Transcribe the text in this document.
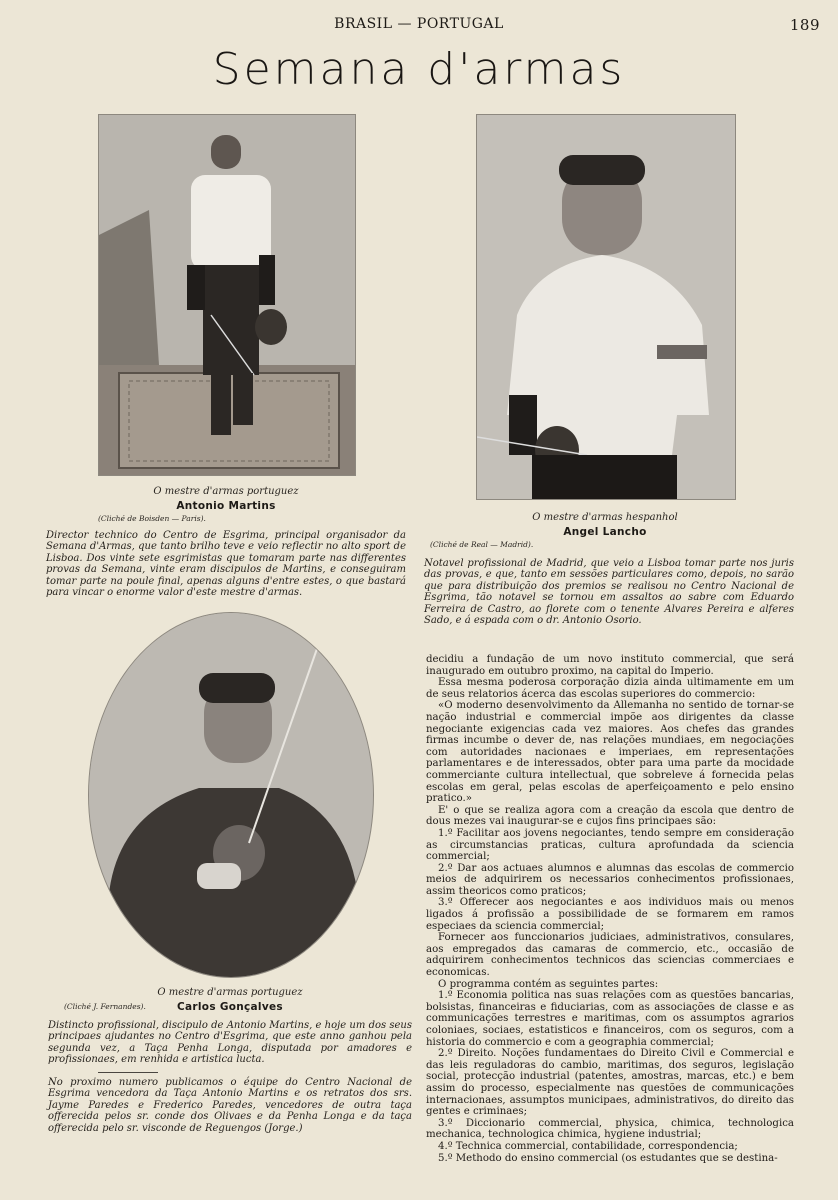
BRASIL — PORTUGAL	189
Semana d'armas
O mestre d'armas portuguez
Antonio Martins
(Cliché de Boisden — Paris).
Director technico do Centro de Esgrima, principal organisador da Semana d'Armas, que tanto brilho teve e veio reflectir no alto sport de Lisboa. Dos vinte sete esgrimistas que tomaram parte nas differentes provas da Semana, vinte eram discipulos de Martins, e conseguiram tomar parte na poule final, apenas alguns d'entre estes, o que bastará para vincar o enorme valor d'este mestre d'armas.
O mestre d'armas hespanhol
Angel Lancho
(Cliché de Real — Madrid).
Notavel profissional de Madrid, que veio a Lisboa tomar parte nos juris das provas, e que, tanto em sessões particulares como, depois, no sarão que para distribuição dos premios se realisou no Centro Nacional de Esgrima, tão notavel se tornou em assaltos ao sabre com Eduardo Ferreira de Castro, ao florete com o tenente Alvares Pereira e alferes Sado, e á espada com o dr. Antonio Osorio.
O mestre d'armas portuguez
(Cliché J. Fernandes).	Carlos Gonçalves
Distincto profissional, discipulo de Antonio Martins, e hoje um dos seus principaes ajudantes no Centro d'Esgrima, que este anno ganhou pela segunda vez, a Taça Penha Longa, disputada por amadores e profissionaes, em renhida e artistica lucta.
No proximo numero publicamos o équipe do Centro Nacional de Esgrima vencedora da Taça Antonio Martins e os retratos dos srs. Jayme Paredes e Frederico Paredes, vencedores de outra taça offerecida pelos sr. conde dos Olivaes e da Penha Longa e da taça offerecida pelo sr. visconde de Reguengos (Jorge.)

decidiu a fundação de um novo instituto commercial, que será inaugurado em outubro proximo, na capital do Imperio.

Essa mesma poderosa corporação dizia ainda ultimamente em um de seus relatorios ácerca das escolas superiores do commercio:

«O moderno desenvolvimento da Allemanha no sentido de tornar-se nação industrial e commercial impõe aos dirigentes da classe negociante exigencias cada vez maiores. Aos chefes das grandes firmas incumbe o dever de, nas relações mundiaes, em negociações com autoridades nacionaes e imperiaes, em representações parlamentares e de interessados, obter para uma parte da mocidade commerciante cultura intellectual, que sobreleve á fornecida pelas escolas em geral, pelas escolas de aperfeiçoamento e pelo ensino pratico.»

E' o que se realiza agora com a creação da escola que dentro de dous mezes vai inaugurar-se e cujos fins principaes são:

1.º Facilitar aos jovens negociantes, tendo sempre em consideração as circumstancias praticas, cultura aprofundada da sciencia commercial;

2.º Dar aos actuaes alumnos e alumnas das escolas de commercio meios de adquirirem os necessarios conhecimentos profissionaes, assim theoricos como praticos;

3.º Offerecer aos negociantes e aos individuos mais ou menos ligados á profissão a possibilidade de se formarem em ramos especiaes da sciencia commercial;

Fornecer aos funccionarios judiciaes, administrativos, consulares, aos empregados das camaras de commercio, etc., occasião de adquirirem conhecimentos technicos das sciencias commerciaes e economicas.

O programma contém as seguintes partes:

1.º Economia politica nas suas relações com as questões bancarias, bolsistas, financeiras e fiduciarias, com as associações de classe e as communicações terrestres e maritimas, com os assumptos agrarios coloniaes, sociaes, estatisticos e financeiros, com os seguros, com a historia do commercio e com a geographia commercial;

2.º Direito. Noções fundamentaes do Direito Civil e Commercial e das leis reguladoras do cambio, maritimas, dos seguros, legislação social, protecção industrial (patentes, amostras, marcas, etc.) e bem assim do processo, especialmente nas questões de communicações internacionaes, assumptos municipaes, administrativos, do direito das gentes e criminaes;

3.º Diccionario commercial, physica, chimica, technologica mechanica, technologica chimica, hygiene industrial;

4.º Technica commercial, contabilidade, correspondencia;

5.º Methodo do ensino commercial (os estudantes que se destina-
